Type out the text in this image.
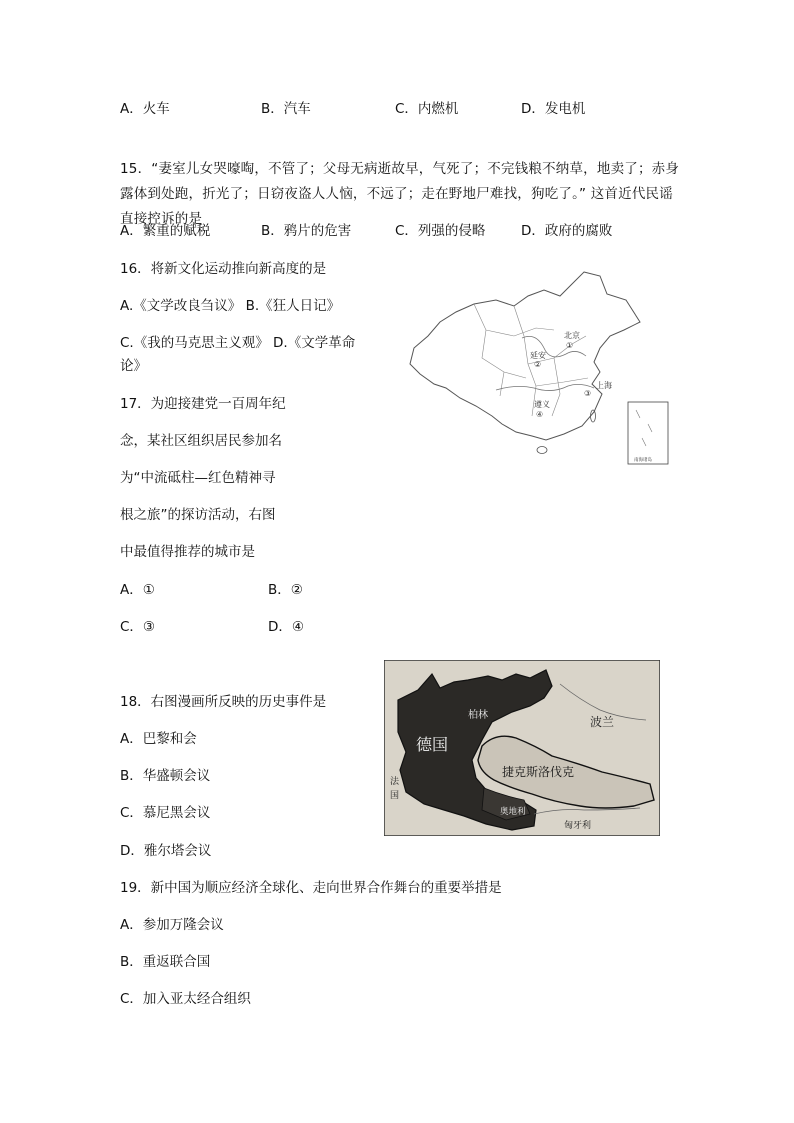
A．火车	B．汽车	C．内燃机	D．发电机
15．“妻室儿女哭嚎啕，不管了；父母无病逝故早，气死了；不完钱粮不纳草，地卖了；赤身露体到处跑，折光了；日窃夜盗人人恼，不远了；走在野地尸难找，狗吃了。” 这首近代民谣直接控诉的是
A．繁重的赋税	B．鸦片的危害	C．列强的侵略	D．政府的腐败
16．将新文化运动推向新高度的是
A.《文学改良刍议》 B.《狂人日记》
C.《我的马克思主义观》 D.《文学革命
论》
17．为迎接建党一百周年纪
念，某社区组织居民参加名
为“中流砥柱—红色精神寻
根之旅”的探访活动，右图
中最值得推荐的城市是
A．①	B．②
C．③	D．④
北京
①
延安
②
上海
③
遵义
④
南海诸岛
18．右图漫画所反映的历史事件是
A．巴黎和会
B．华盛顿会议
C．慕尼黑会议
D．雅尔塔会议
柏林
德国
波兰
捷克斯洛伐克
法
国
奥地利
匈牙利
19．新中国为顺应经济全球化、走向世界合作舞台的重要举措是
A．参加万隆会议
B．重返联合国
C．加入亚太经合组织
